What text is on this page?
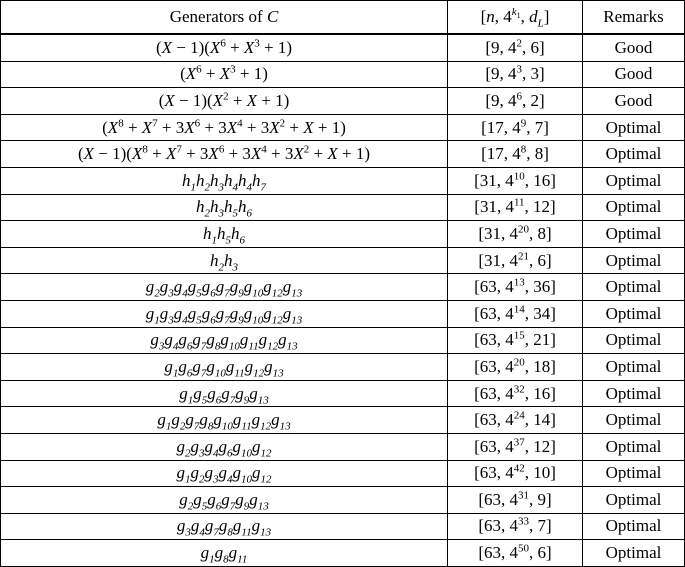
Generators of C	[n, $4^{k_1}$, $d_L$]	Remarks
$(X - 1)(X^6 + X^3 + 1)$	[9, $4^2$, 6]	Good
$(X^6 + X^3 + 1)$	[9, $4^3$, 3]	Good
$(X - 1)(X^2 + X + 1)$	[9, $4^6$, 2]	Good
$(X^8 + X^7 + 3X^6 + 3X^4 + 3X^2 + X + 1)$	[17, $4^9$, 7]	Optimal
$(X - 1)(X^8 + X^7 + 3X^6 + 3X^4 + 3X^2 + X + 1)$	[17, $4^8$, 8]	Optimal
$h_1h_2h_3h_4h_4h_7$	[31, $4^{10}$, 16]	Optimal
$h_2h_3h_5h_6$	[31, $4^{11}$, 12]	Optimal
$h_1h_5h_6$	[31, $4^{20}$, 8]	Optimal
$h_2h_3$	[31, $4^{21}$, 6]	Optimal
$g_2g_3g_4g_5g_6g_7g_9g_{10}g_{12}g_{13}$	[63, $4^{13}$, 36]	Optimal
$g_1g_3g_4g_5g_6g_7g_9g_{10}g_{12}g_{13}$	[63, $4^{14}$, 34]	Optimal
$g_3g_4g_6g_7g_8g_{10}g_{11}g_{12}g_{13}$	[63, $4^{15}$, 21]	Optimal
$g_1g_6g_7g_{10}g_{11}g_{12}g_{13}$	[63, $4^{20}$, 18]	Optimal
$g_1g_5g_6g_7g_9g_{13}$	[63, $4^{32}$, 16]	Optimal
$g_1g_2g_7g_8g_{10}g_{11}g_{12}g_{13}$	[63, $4^{24}$, 14]	Optimal
$g_2g_3g_4g_6g_{10}g_{12}$	[63, $4^{37}$, 12]	Optimal
$g_1g_2g_3g_4g_{10}g_{12}$	[63, $4^{42}$, 10]	Optimal
$g_2g_5g_6g_7g_9g_{13}$	[63, $4^{31}$, 9]	Optimal
$g_3g_4g_7g_8g_{11}g_{13}$	[63, $4^{33}$, 7]	Optimal
$g_1g_8g_{11}$	[63, $4^{50}$, 6]	Optimal
